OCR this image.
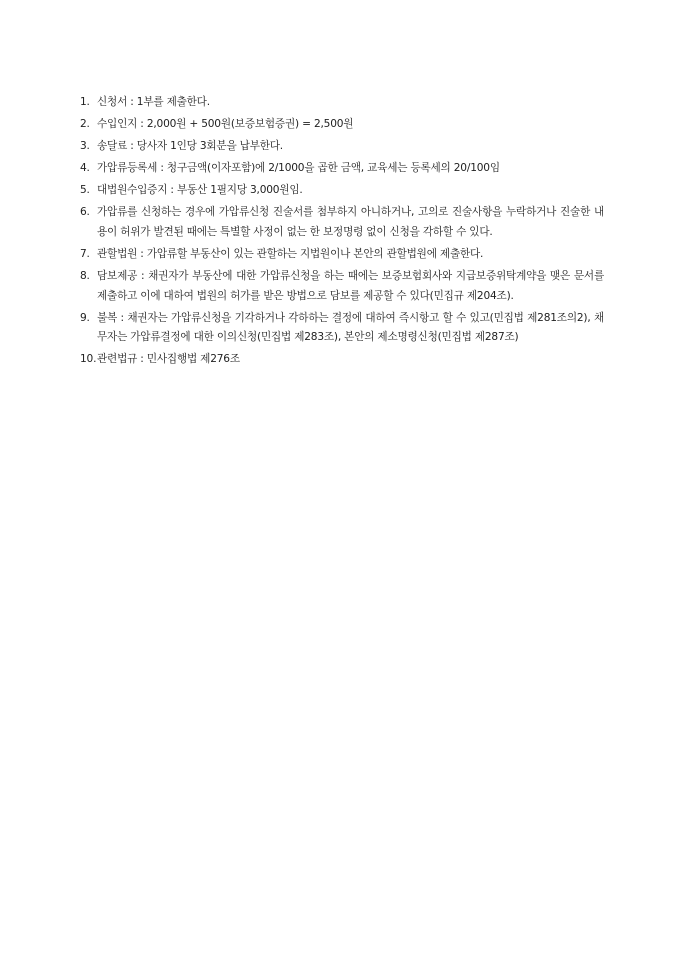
1. 신청서 : 1부를 제출한다.
2. 수입인지 : 2,000원 + 500원(보증보험증권) = 2,500원
3. 송달료 : 당사자 1인당 3회분을 납부한다.
4. 가압류등록세 : 청구금액(이자포함)에 2/1000을 곱한 금액, 교육세는 등록세의 20/100임
5. 대법원수입증지 : 부동산 1필지당 3,000원임.
6. 가압류를 신청하는 경우에 가압류신청 진술서를 첨부하지 아니하거나, 고의로 진술사항을 누락하거나 진술한 내용이 허위가 발견된 때에는 특별할 사정이 없는 한 보정명령 없이 신청을 각하할 수 있다.
7. 관할법원 : 가압류할 부동산이 있는 관할하는 지법원이나 본안의 관할법원에 제출한다.
8. 담보제공 : 채권자가 부동산에 대한 가압류신청을 하는 때에는 보증보험회사와 지급보증위탁계약을 맺은 문서를 제출하고 이에 대하여 법원의 허가를 받은 방법으로 담보를 제공할 수 있다(민집규 제204조).
9. 불복 : 채권자는 가압류신청을 기각하거나 각하하는 결정에 대하여 즉시항고 할 수 있고(민집법 제281조의2), 채무자는 가압류결정에 대한 이의신청(민집법 제283조), 본안의 제소명령신청(민집법 제287조)
10. 관련법규 : 민사집행법 제276조
